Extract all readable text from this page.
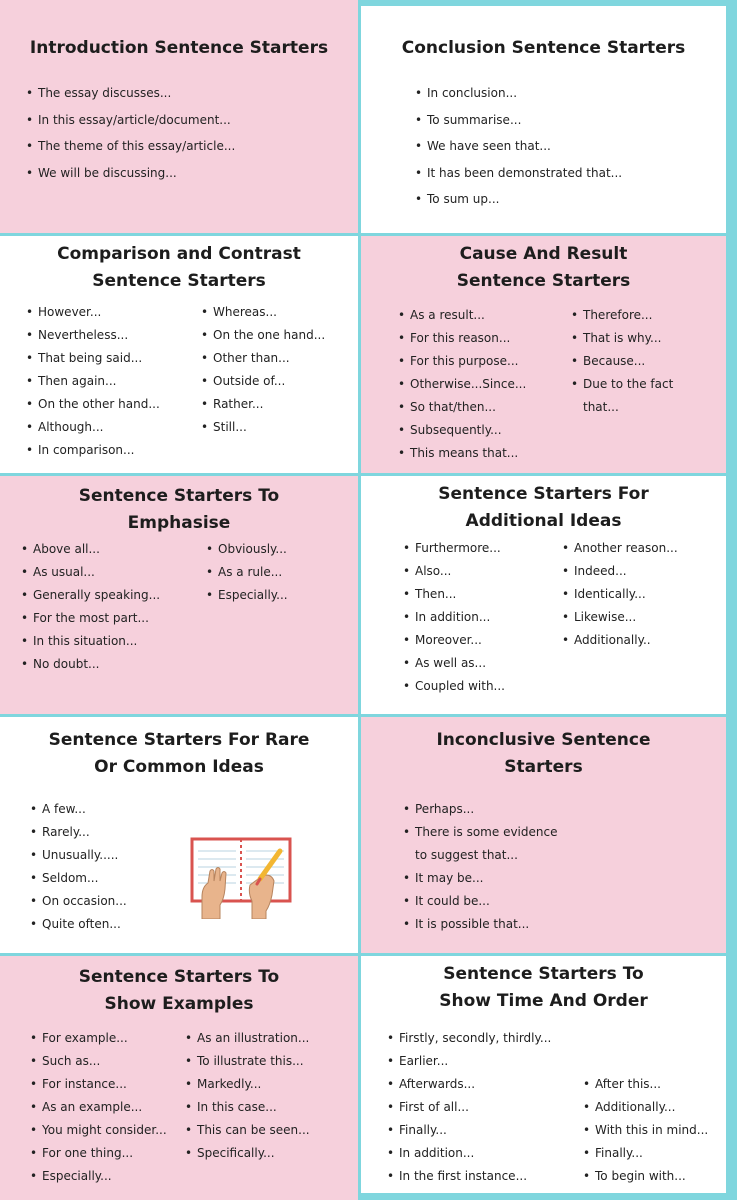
Introduction Sentence Starters
• The essay discusses...
• In this essay/article/document...
• The theme of this essay/article...
• We will be discussing...
Conclusion Sentence Starters
• In conclusion...
• To summarise...
• We have seen that...
• It has been demonstrated that...
• To sum up...
Comparison and Contrast
Sentence Starters
• However...
• Nevertheless...
• That being said...
• Then again...
• On the other hand...
• Although...
• In comparison...
• Whereas...
• On the one hand...
• Other than...
• Outside of...
• Rather...
• Still...
Cause And Result
Sentence Starters
• As a result...
• For this reason...
• For this purpose...
• Otherwise...Since...
• So that/then...
• Subsequently...
• This means that...
• Therefore...
• That is why...
• Because...
• Due to the fact
that...
Sentence Starters To
Emphasise
• Above all...
• As usual...
• Generally speaking...
• For the most part...
• In this situation...
• No doubt...
• Obviously...
• As a rule...
• Especially...
Sentence Starters For
Additional Ideas
• Furthermore...
• Also...
• Then...
• In addition...
• Moreover...
• As well as...
• Coupled with...
• Another reason...
• Indeed...
• Identically...
• Likewise...
• Additionally..
Sentence Starters For Rare
Or Common Ideas
• A few...
• Rarely...
• Unusually.....
• Seldom...
• On occasion...
• Quite often...
Inconclusive Sentence
Starters
• Perhaps...
• There is some evidence
to suggest that...
• It may be...
• It could be...
• It is possible that...
Sentence Starters To
Show Examples
• For example...
• Such as...
• For instance...
• As an example...
• You might consider...
• For one thing...
• Especially...
• As an illustration...
• To illustrate this...
• Markedly...
• In this case...
• This can be seen...
• Specifically...
Sentence Starters To
Show Time And Order
• Firstly, secondly, thirdly...
• Earlier...
• Afterwards...
• First of all...
• Finally...
• In addition...
• In the first instance...
• After this...
• Additionally...
• With this in mind...
• Finally...
• To begin with...
